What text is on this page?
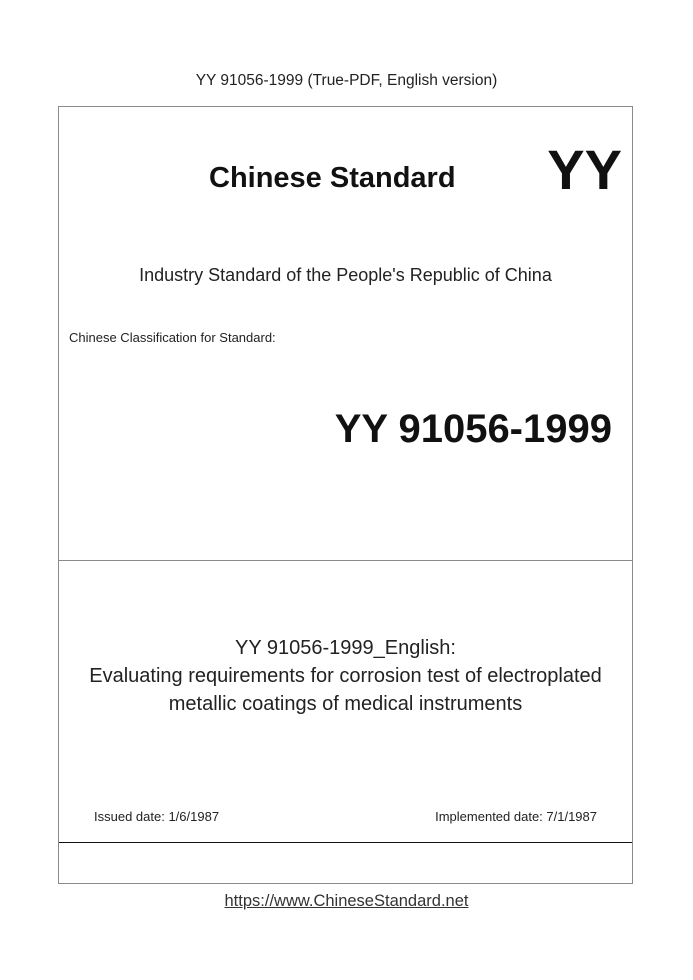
YY 91056-1999 (True-PDF, English version)
Chinese Standard YY
Industry Standard of the People's Republic of China
Chinese Classification for Standard:
YY 91056-1999
YY 91056-1999_English:
Evaluating requirements for corrosion test of electroplated
metallic coatings of medical instruments
Issued date: 1/6/1987	Implemented date: 7/1/1987
https://www.ChineseStandard.net
